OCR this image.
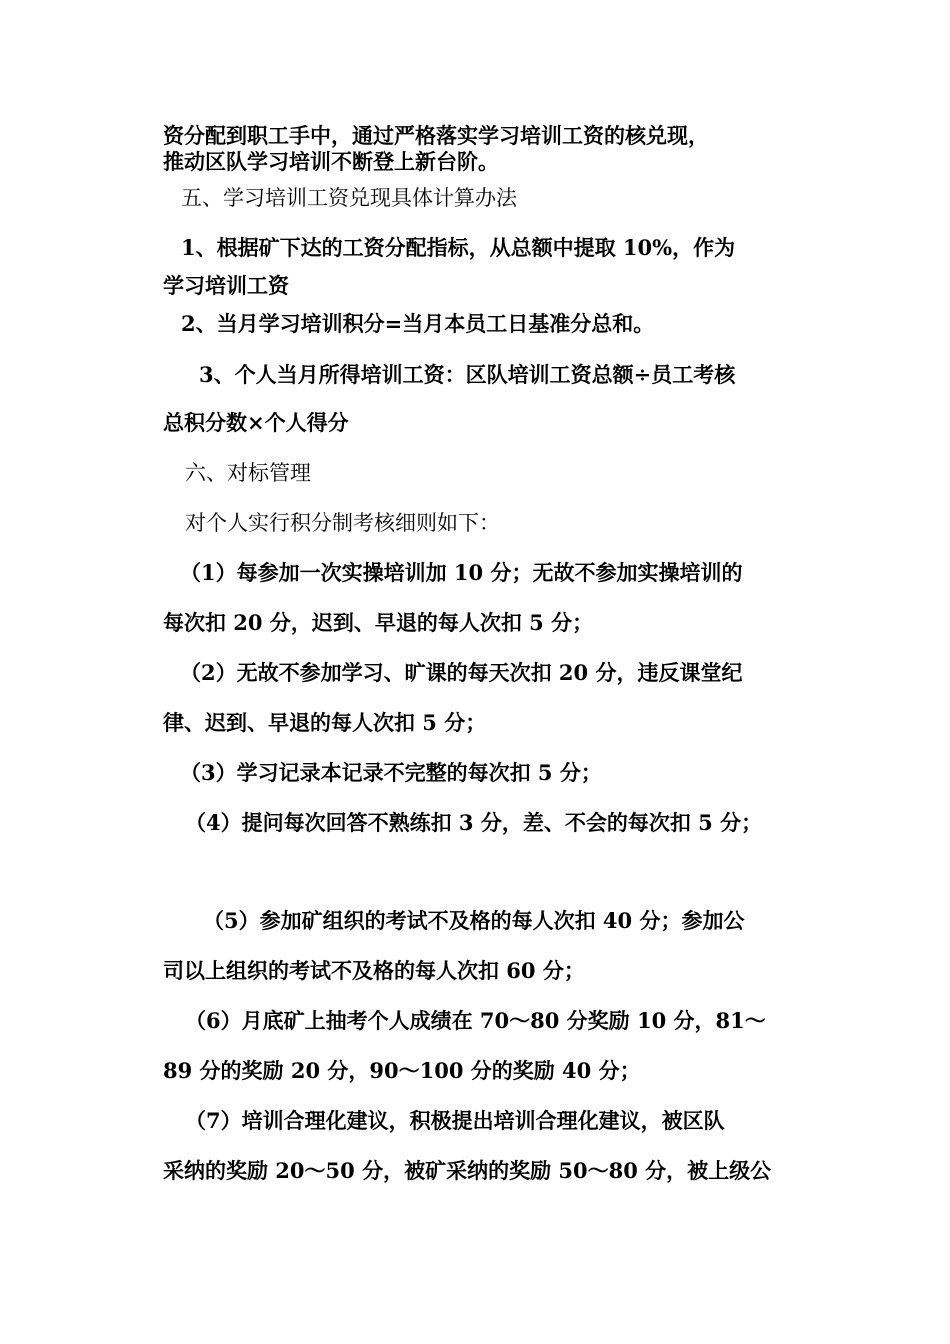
资分配到职工手中，通过严格落实学习培训工资的核兑现，
推动区队学习培训不断登上新台阶。
五、学习培训工资兑现具体计算办法
1、根据矿下达的工资分配指标，从总额中提取 10%，作为
学习培训工资
2、当月学习培训积分=当月本员工日基准分总和。
3、个人当月所得培训工资：区队培训工资总额÷员工考核
总积分数×个人得分
六、对标管理
对个人实行积分制考核细则如下：
（1）每参加一次实操培训加 10 分；无故不参加实操培训的
每次扣 20 分，迟到、早退的每人次扣 5 分；
（2）无故不参加学习、旷课的每天次扣 20 分，违反课堂纪
律、迟到、早退的每人次扣 5 分；
（3）学习记录本记录不完整的每次扣 5 分；
（4）提问每次回答不熟练扣 3 分，差、不会的每次扣 5 分；
（5）参加矿组织的考试不及格的每人次扣 40 分；参加公
司以上组织的考试不及格的每人次扣 60 分；
（6）月底矿上抽考个人成绩在 70～80 分奖励 10 分，81～
89 分的奖励 20 分，90～100 分的奖励 40 分；
（7）培训合理化建议，积极提出培训合理化建议，被区队
采纳的奖励 20～50 分，被矿采纳的奖励 50～80 分，被上级公
